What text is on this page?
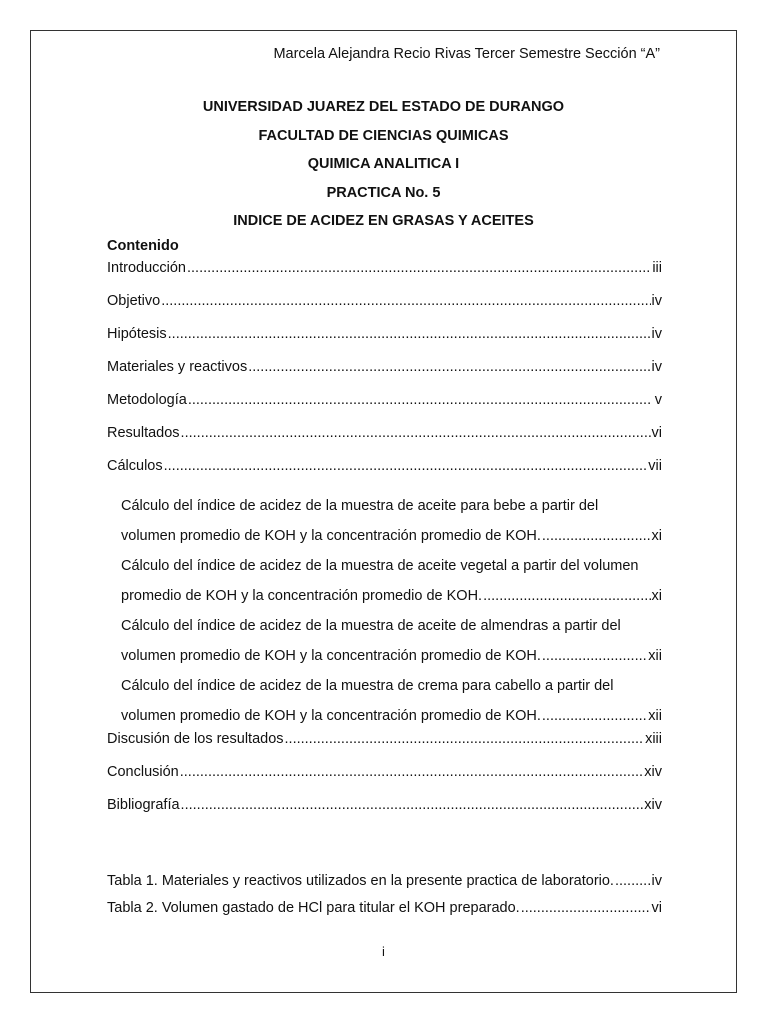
Marcela Alejandra Recio Rivas Tercer Semestre Sección “A”
UNIVERSIDAD JUAREZ DEL ESTADO DE DURANGO
FACULTAD DE CIENCIAS QUIMICAS
QUIMICA ANALITICA I
PRACTICA No. 5
INDICE DE ACIDEZ EN GRASAS Y ACEITES
Contenido
Introducción .....	iii
Objetivo .....	iv
Hipótesis .....	iv
Materiales y reactivos .....	iv
Metodología .....	v
Resultados .....	vi
Cálculos .....	vii
Cálculo del índice de acidez de la muestra de aceite para bebe a partir del
volumen promedio de KOH y la concentración promedio de KOH. .....	xi
Cálculo del índice de acidez de la muestra de aceite vegetal a partir del volumen
promedio de KOH y la concentración promedio de KOH. .....	xi
Cálculo del índice de acidez de la muestra de aceite de almendras a partir del
volumen promedio de KOH y la concentración promedio de KOH. .....	xii
Cálculo del índice de acidez de la muestra de crema para cabello a partir del
volumen promedio de KOH y la concentración promedio de KOH. .....	xii
Discusión de los resultados .....	xiii
Conclusión .....	xiv
Bibliografía .....	xiv
Tabla 1. Materiales y reactivos utilizados en la presente practica de laboratorio. .....	iv
Tabla 2. Volumen gastado de HCl para titular el KOH preparado. .....	vi
i
